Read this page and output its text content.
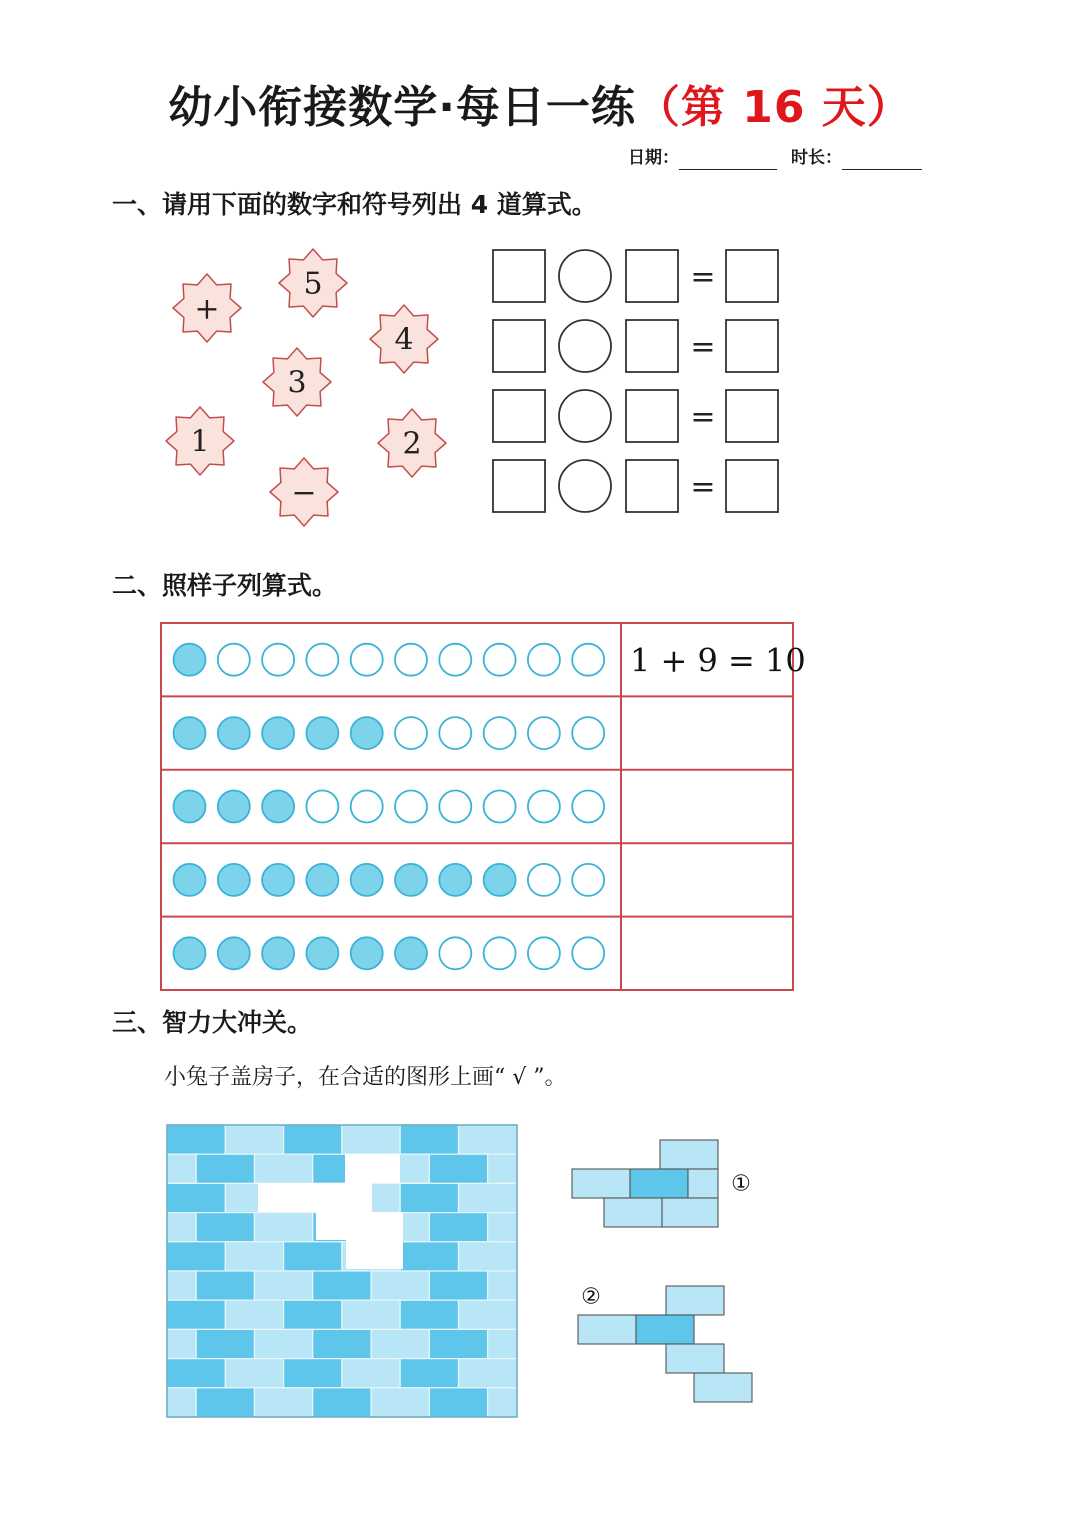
幼小衔接数学·每日一练（第 16 天）
日期：	时长：
一、请用下面的数字和符号列出 4 道算式。
二、照样子列算式。
三、智力大冲关。
小兔子盖房子，在合适的图形上画“ √ ”。
+
5
4
3
1	2
−
=
=
=
=
1 + 9 = 10
①
②
